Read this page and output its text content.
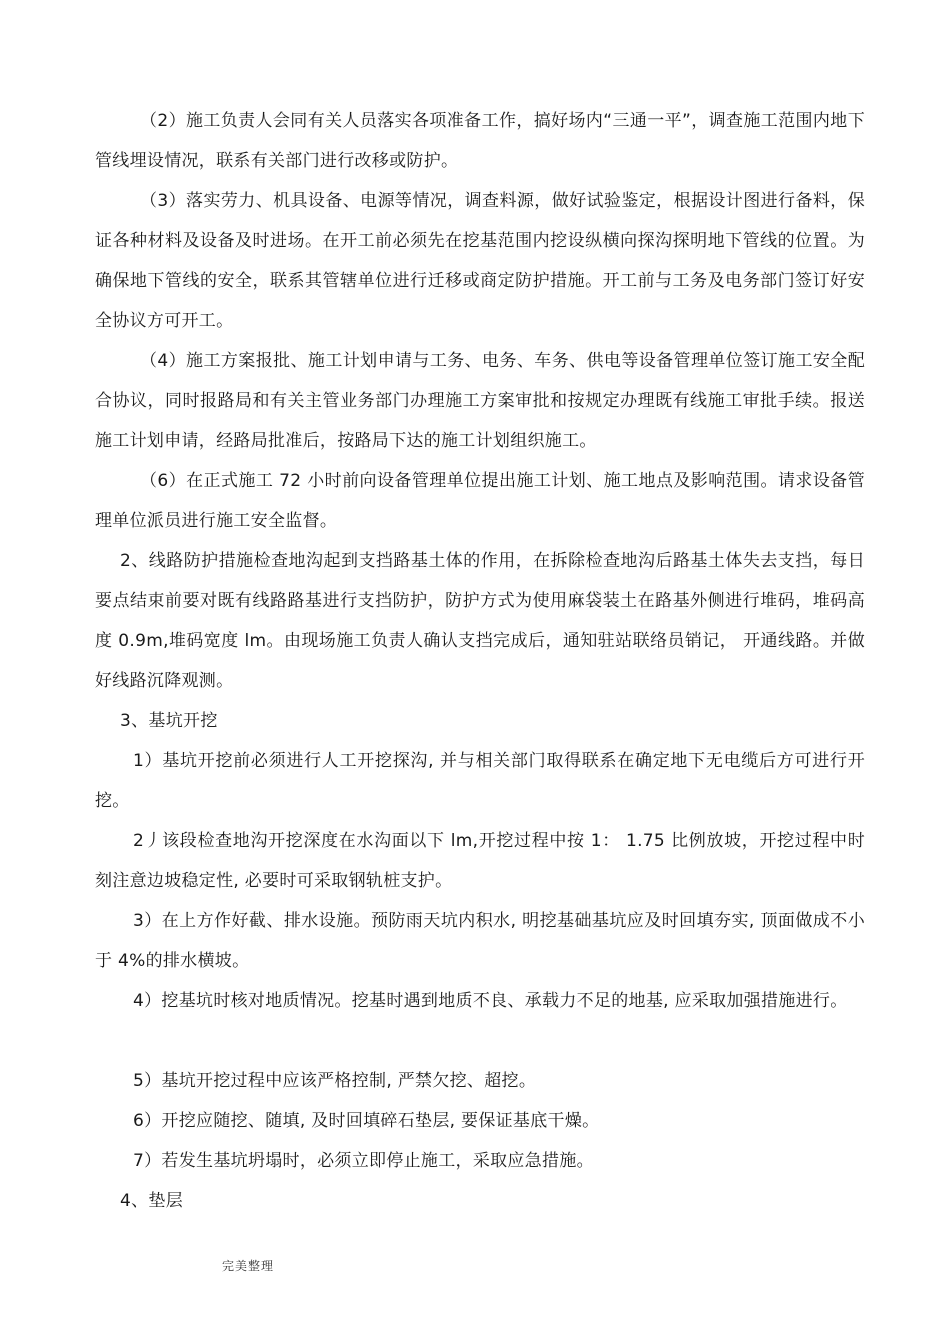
（2）施工负责人会同有关人员落实各项准备工作，搞好场内“三通一平”，调查施工范围内地下管线埋设情况，联系有关部门进行改移或防护。

（3）落实劳力、机具设备、电源等情况，调查料源，做好试验鉴定，根据设计图进行备料，保证各种材料及设备及时进场。在开工前必须先在挖基范围内挖设纵横向探沟探明地下管线的位置。为确保地下管线的安全，联系其管辖单位进行迁移或商定防护措施。开工前与工务及电务部门签订好安全协议方可开工。

（4）施工方案报批、施工计划申请与工务、电务、车务、供电等设备管理单位签订施工安全配合协议，同时报路局和有关主管业务部门办理施工方案审批和按规定办理既有线施工审批手续。报送施工计划申请，经路局批准后，按路局下达的施工计划组织施工。

（6）在正式施工 72 小时前向设备管理单位提出施工计划、施工地点及影响范围。请求设备管理单位派员进行施工安全监督。

2、线路防护措施检查地沟起到支挡路基土体的作用，在拆除检查地沟后路基土体失去支挡，每日要点结束前要对既有线路路基进行支挡防护，防护方式为使用麻袋装土在路基外侧进行堆码，堆码高度 0.9m,堆码宽度 lm。由现场施工负责人确认支挡完成后，通知驻站联络员销记， 开通线路。并做好线路沉降观测。

3、基坑开挖

1）基坑开挖前必须进行人工开挖探沟, 并与相关部门取得联系在确定地下无电缆后方可进行开挖。

2丿该段检查地沟开挖深度在水沟面以下 lm,开挖过程中按 1： 1.75 比例放坡，开挖过程中时刻注意边坡稳定性, 必要时可采取钢轨桩支护。

3）在上方作好截、排水设施。预防雨天坑内积水, 明挖基础基坑应及时回填夯实, 顶面做成不小于 4%的排水横坡。

4）挖基坑时核对地质情况。挖基时遇到地质不良、承载力不足的地基, 应采取加强措施进行。

5）基坑开挖过程中应该严格控制, 严禁欠挖、超挖。

6）开挖应随挖、随填, 及时回填碎石垫层, 要保证基底干燥。

7）若发生基坑坍塌时，必须立即停止施工，采取应急措施。

4、垫层

完美整理
